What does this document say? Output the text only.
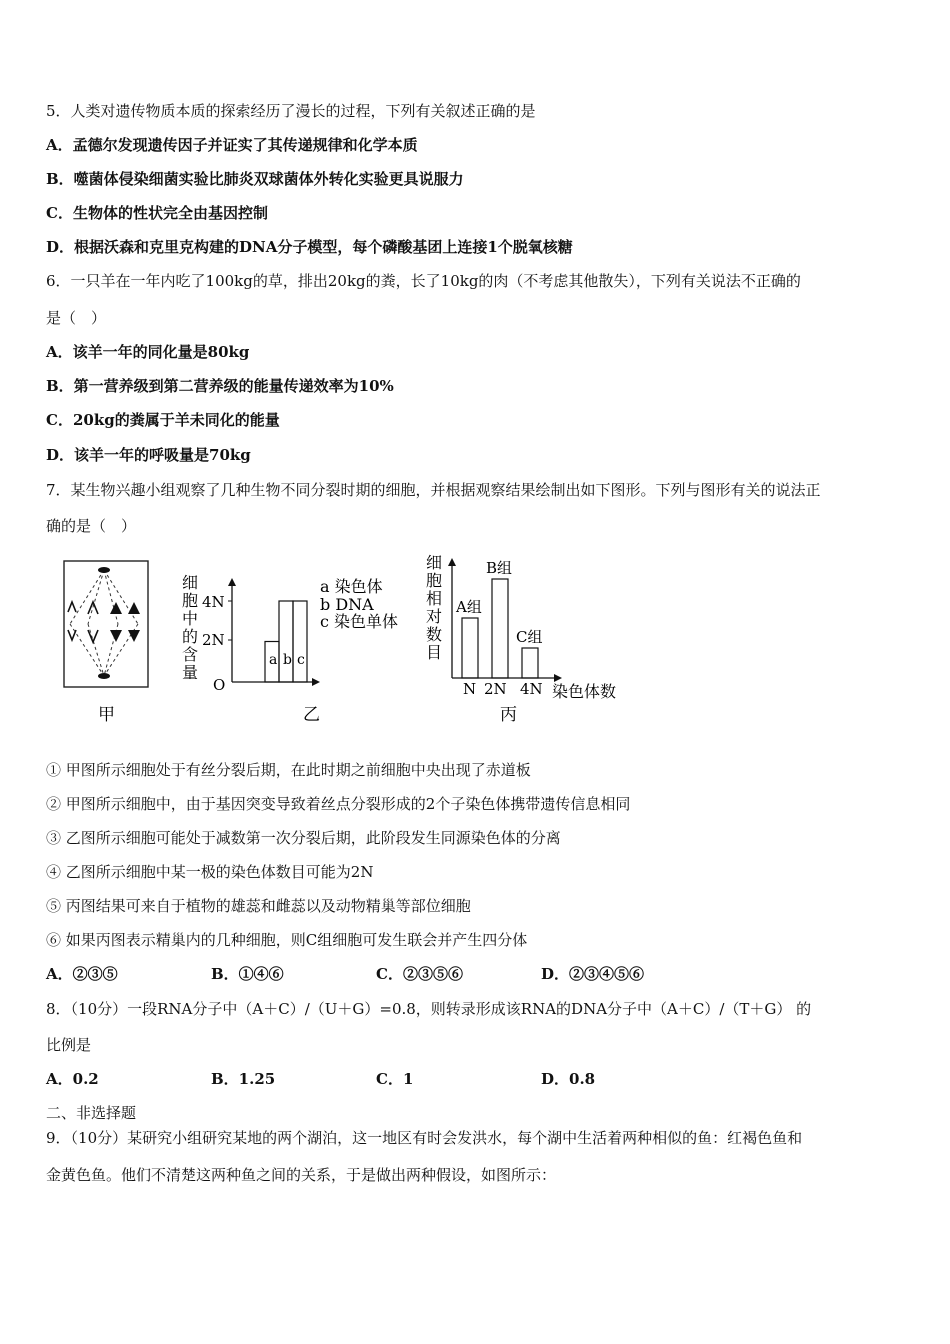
5．人类对遗传物质本质的探索经历了漫长的过程，下列有关叙述正确的是
A．孟德尔发现遗传因子并证实了其传递规律和化学本质
B．噬菌体侵染细菌实验比肺炎双球菌体外转化实验更具说服力
C．生物体的性状完全由基因控制
D．根据沃森和克里克构建的DNA分子模型，每个磷酸基团上连接1个脱氧核糖
6．一只羊在一年内吃了100kg的草，排出20kg的粪，长了10kg的肉（不考虑其他散失），下列有关说法不正确的
是（　）
A．该羊一年的同化量是80kg
B．第一营养级到第二营养级的能量传递效率为10%
C．20kg的粪属于羊未同化的能量
D．该羊一年的呼吸量是70kg
7．某生物兴趣小组观察了几种生物不同分裂时期的细胞，并根据观察结果绘制出如下图形。下列与图形有关的说法正
确的是（　）
甲
细
胞
中
的
含
量
4N
2N
O
a b c
a 染色体
b DNA
c 染色单体
乙
细
胞
相
对
数
目
A组
B组
C组
N 2N 4N 染色体数
丙
① 甲图所示细胞处于有丝分裂后期，在此时期之前细胞中央出现了赤道板
② 甲图所示细胞中，由于基因突变导致着丝点分裂形成的2个子染色体携带遗传信息相同
③ 乙图所示细胞可能处于减数第一次分裂后期，此阶段发生同源染色体的分离
④ 乙图所示细胞中某一极的染色体数目可能为2N
⑤ 丙图结果可来自于植物的雄蕊和雌蕊以及动物精巢等部位细胞
⑥ 如果丙图表示精巢内的几种细胞，则C组细胞可发生联会并产生四分体
A．②③⑤	B．①④⑥	C．②③⑤⑥	D．②③④⑤⑥
8．（10分）一段RNA分子中（A＋C）/（U＋G）=0.8，则转录形成该RNA的DNA分子中（A＋C）/（T＋G） 的
比例是
A．0.2	B．1.25	C．1	D．0.8
二、非选择题
9．（10分）某研究小组研究某地的两个湖泊，这一地区有时会发洪水，每个湖中生活着两种相似的鱼：红褐色鱼和
金黄色鱼。他们不清楚这两种鱼之间的关系，于是做出两种假设，如图所示：
